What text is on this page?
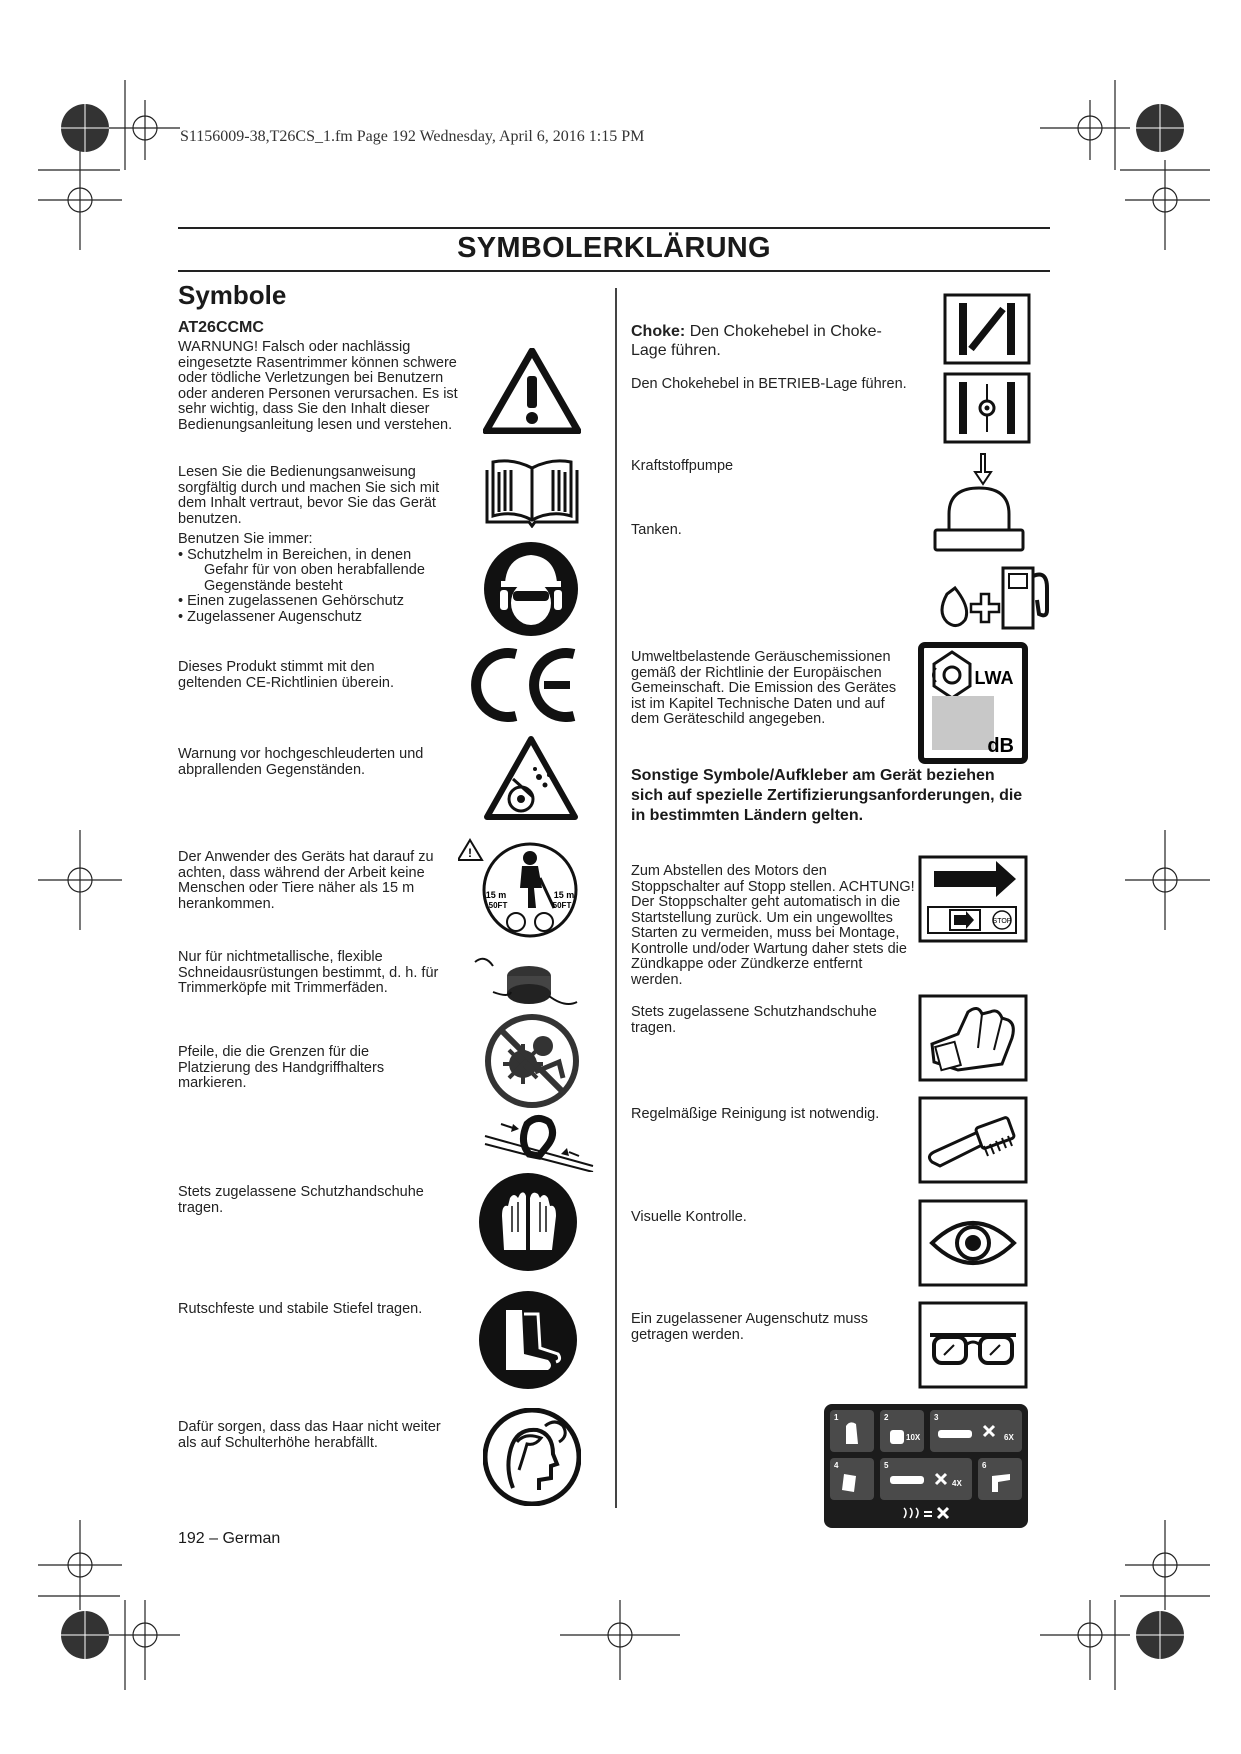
S1156009-38,T26CS_1.fm Page 192 Wednesday, April 6, 2016 1:15 PM
SYMBOLERKLÄRUNG
Symbole
AT26CCMC
WARNUNG! Falsch oder nachlässig eingesetzte Rasentrimmer können schwere oder tödliche Verletzungen bei Benutzern oder anderen Personen verursachen. Es ist sehr wichtig, dass Sie den Inhalt dieser Bedienungsanleitung lesen und verstehen.
Lesen Sie die Bedienungsanweisung sorgfältig durch und machen Sie sich mit dem Inhalt vertraut, bevor Sie das Gerät benutzen.

Benutzen Sie immer:

• Schutzhelm in Bereichen, in denen

Gefahr für von oben herabfallende

Gegenstände besteht

• Einen zugelassenen Gehörschutz

• Zugelassener Augenschutz

Dieses Produkt stimmt mit den geltenden CE-Richtlinien überein.
Warnung vor hochgeschleuderten und abprallenden Gegenständen.
Der Anwender des Geräts hat darauf zu achten, dass während der Arbeit keine Menschen oder Tiere näher als 15 m herankommen.
Nur für nichtmetallische, flexible Schneidausrüstungen bestimmt, d. h. für Trimmerköpfe mit Trimmerfäden.
Pfeile, die die Grenzen für die Platzierung des Handgriffhalters markieren.
Stets zugelassene Schutzhandschuhe tragen.
Rutschfeste und stabile Stiefel tragen.
Dafür sorgen, dass das Haar nicht weiter als auf Schulterhöhe herabfällt.
!
15 m
50FT
15 m
50FT
192 – German
Choke: Den Chokehebel in Choke-Lage führen.
Den Chokehebel in BETRIEB-Lage führen.
Kraftstoffpumpe
Tanken.
Umweltbelastende Geräuschemissionen gemäß der Richtlinie der Europäischen Gemeinschaft. Die Emission des Gerätes ist im Kapitel Technische Daten und auf dem Geräteschild angegeben.
Sonstige Symbole/Aufkleber am Gerät beziehen sich auf spezielle Zertifizierungsanforderungen, die in bestimmten Ländern gelten.
Zum Abstellen des Motors den Stoppschalter auf Stopp stellen. ACHTUNG! Der Stoppschalter geht automatisch in die Startstellung zurück. Um ein ungewolltes Starten zu vermeiden, muss bei Montage, Kontrolle und/oder Wartung daher stets die Zündkappe oder Zündkerze entfernt werden.
Stets zugelassene Schutzhandschuhe tragen.
Regelmäßige Reinigung ist notwendig.
Visuelle Kontrolle.
Ein zugelassener Augenschutz muss getragen werden.
LWA
dB
STOP
1	2	3
4	5	6
10X	6X
4X
